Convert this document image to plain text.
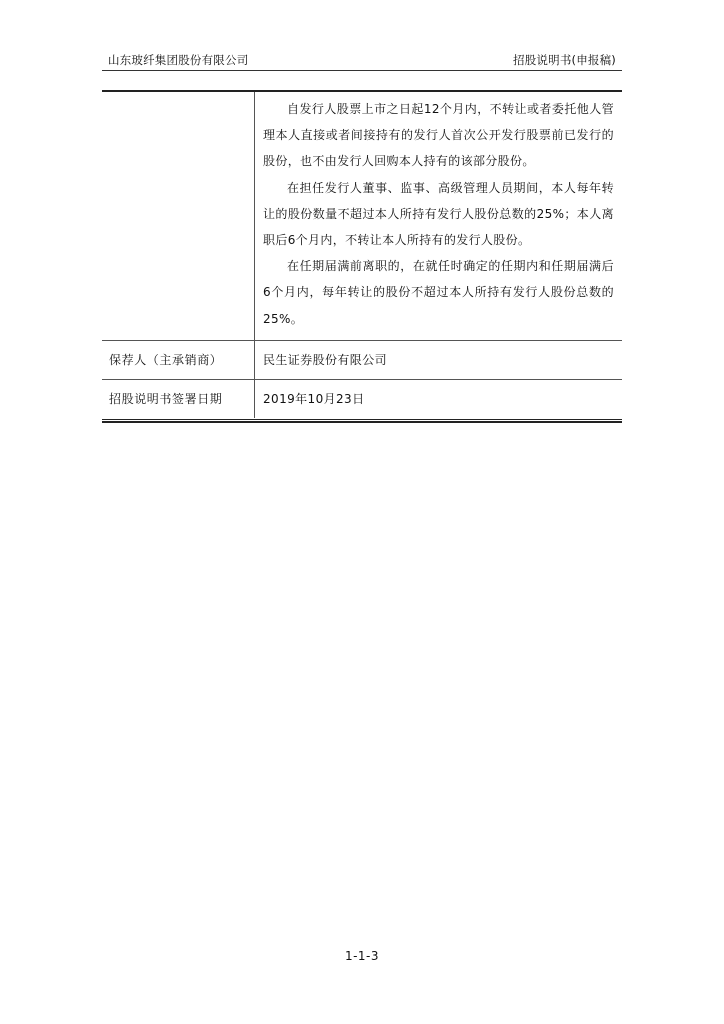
山东玻纤集团股份有限公司	招股说明书(申报稿)

自发行人股票上市之日起12个月内，不转让或者委托他人管理本人直接或者间接持有的发行人首次公开发行股票前已发行的股份，也不由发行人回购本人持有的该部分股份。

在担任发行人董事、监事、高级管理人员期间，本人每年转让的股份数量不超过本人所持有发行人股份总数的25%；本人离职后6个月内，不转让本人所持有的发行人股份。

在任期届满前离职的，在就任时确定的任期内和任期届满后6个月内，每年转让的股份不超过本人所持有发行人股份总数的25%。

保荐人（主承销商）	民生证券股份有限公司
招股说明书签署日期	2019年10月23日
1-1-3
